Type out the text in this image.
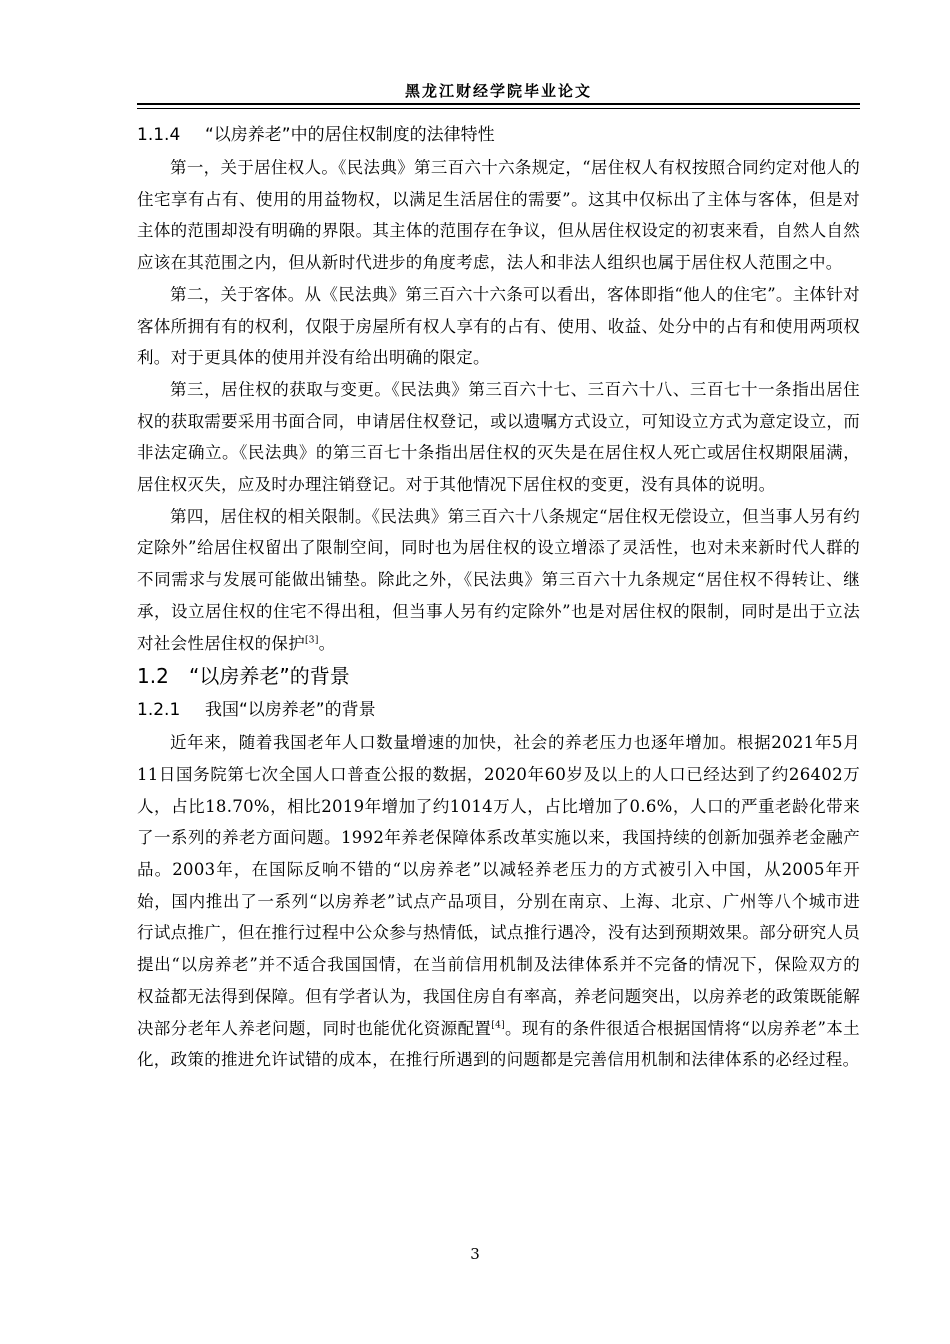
黑龙江财经学院毕业论文
1.1.4 “以房养老”中的居住权制度的法律特性

第一，关于居住权人。《民法典》第三百六十六条规定，“居住权人有权按照合同约定对他人的住宅享有占有、使用的用益物权，以满足生活居住的需要”。这其中仅标出了主体与客体，但是对主体的范围却没有明确的界限。其主体的范围存在争议，但从居住权设定的初衷来看，自然人自然应该在其范围之内，但从新时代进步的角度考虑，法人和非法人组织也属于居住权人范围之中。

第二，关于客体。从《民法典》第三百六十六条可以看出，客体即指“他人的住宅”。主体针对客体所拥有有的权利，仅限于房屋所有权人享有的占有、使用、收益、处分中的占有和使用两项权利。对于更具体的使用并没有给出明确的限定。

第三，居住权的获取与变更。《民法典》第三百六十七、三百六十八、三百七十一条指出居住权的获取需要采用书面合同，申请居住权登记，或以遗嘱方式设立，可知设立方式为意定设立，而非法定确立。《民法典》的第三百七十条指出居住权的灭失是在居住权人死亡或居住权期限届满，居住权灭失，应及时办理注销登记。对于其他情况下居住权的变更，没有具体的说明。

第四，居住权的相关限制。《民法典》第三百六十八条规定“居住权无偿设立，但当事人另有约定除外”给居住权留出了限制空间，同时也为居住权的设立增添了灵活性，也对未来新时代人群的不同需求与发展可能做出铺垫。除此之外，《民法典》第三百六十九条规定“居住权不得转让、继承，设立居住权的住宅不得出租，但当事人另有约定除外”也是对居住权的限制，同时是出于立法对社会性居住权的保护[3]。

1.2 “以房养老”的背景
1.2.1 我国“以房养老”的背景

近年来，随着我国老年人口数量增速的加快，社会的养老压力也逐年增加。根据2021年5月11日国务院第七次全国人口普查公报的数据，2020年60岁及以上的人口已经达到了约26402万人，占比18.70%，相比2019年增加了约1014万人，占比增加了0.6%，人口的严重老龄化带来了一系列的养老方面问题。1992年养老保障体系改革实施以来，我国持续的创新加强养老金融产品。2003年，在国际反响不错的“以房养老”以减轻养老压力的方式被引入中国，从2005年开始，国内推出了一系列“以房养老”试点产品项目，分别在南京、上海、北京、广州等八个城市进行试点推广，但在推行过程中公众参与热情低，试点推行遇冷，没有达到预期效果。部分研究人员提出“以房养老”并不适合我国国情，在当前信用机制及法律体系并不完备的情况下，保险双方的权益都无法得到保障。但有学者认为，我国住房自有率高，养老问题突出，以房养老的政策既能解决部分老年人养老问题，同时也能优化资源配置[4]。现有的条件很适合根据国情将“以房养老”本土化，政策的推进允许试错的成本，在推行所遇到的问题都是完善信用机制和法律体系的必经过程。

3
